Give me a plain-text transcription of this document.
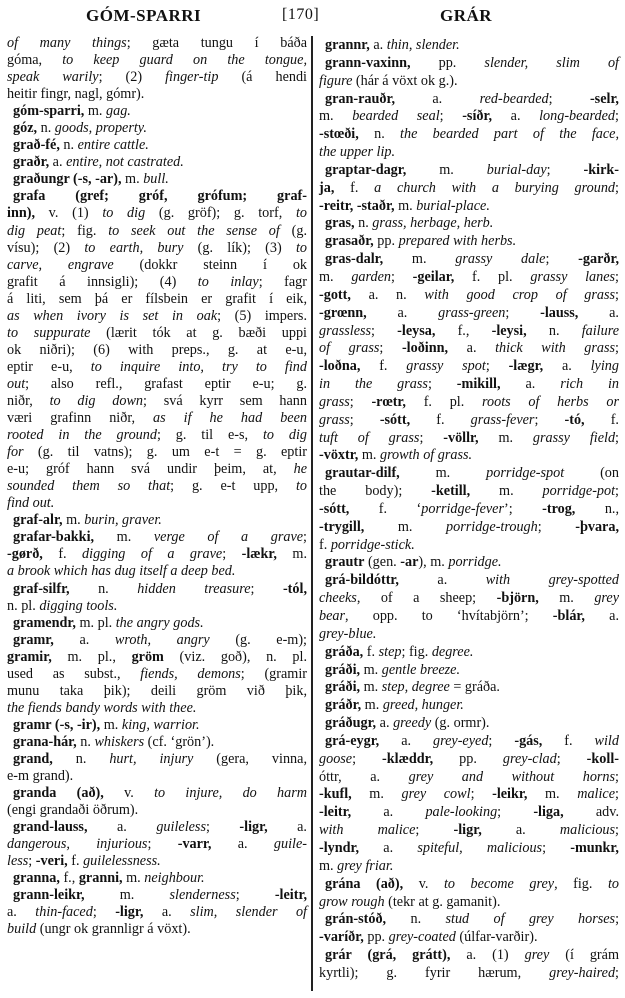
GÓM-SPARRI	[170]	GRÁR
of many things; gæta tungu í báða
góma, to keep guard on the tongue,
speak warily; (2) finger-tip (á hendi
heitir fingr, nagl, gómr).
góm-sparri, m. gag.
góz, n. goods, property.
grað-fé, n. entire cattle.
graðr, a. entire, not castrated.
graðungr (-s, -ar), m. bull.
grafa (gref; gróf, grófum; graf-
inn), v. (1) to dig (g. gröf); g. torf, to
dig peat; fig. to seek out the sense of (g.
vísu); (2) to earth, bury (g. lík); (3) to
carve, engrave (dokkr steinn í ok
grafit á innsigli); (4) to inlay; fagr
á liti, sem þá er fílsbein er grafit í eik,
as when ivory is set in oak; (5) impers.
to suppurate (lærit tók at g. bæði uppi
ok niðri); (6) with preps., g. at e-u,
eptir e-u, to inquire into, try to find
out; also refl., grafast eptir e-u; g.
niðr, to dig down; svá kyrr sem hann
væri grafinn niðr, as if he had been
rooted in the ground; g. til e-s, to dig
for (g. til vatns); g. um e-t = g. eptir
e-u; gróf hann svá undir þeim, at, he
sounded them so that; g. e-t upp, to
find out.
graf-alr, m. burin, graver.
grafar-bakki, m. verge of a grave;
-gørð, f. digging of a grave; -lækr, m.
a brook which has dug itself a deep bed.
graf-silfr, n. hidden treasure; -tól,
n. pl. digging tools.
gramendr, m. pl. the angry gods.
gramr, a. wroth, angry (g. e-m);
gramir, m. pl., gröm (viz. goð), n. pl.
used as subst., fiends, demons; (gramir
munu taka þik); deili gröm við þik,
the fiends bandy words with thee.
gramr (-s, -ir), m. king, warrior.
grana-hár, n. whiskers (cf. ‘grön’).
grand, n. hurt, injury (gera, vinna,
e-m grand).
granda (að), v. to injure, do harm
(engi grandaði öðrum).
grand-lauss, a. guileless; -ligr, a.
dangerous, injurious; -varr, a. guile-
less; -veri, f. guilelessness.
granna, f., granni, m. neighbour.
grann-leikr, m. slenderness; -leitr,
a. thin-faced; -ligr, a. slim, slender of
build (ungr ok grannligr á vöxt).
grannr, a. thin, slender.
grann-vaxinn, pp. slender, slim of
figure (hár á vöxt ok g.).
gran-rauðr, a. red-bearded; -selr,
m. bearded seal; -síðr, a. long-bearded;
-stœði, n. the bearded part of the face,
the upper lip.
graptar-dagr, m. burial-day; -kirk-
ja, f. a church with a burying ground;
-reitr, -staðr, m. burial-place.
gras, n. grass, herbage, herb.
grasaðr, pp. prepared with herbs.
gras-dalr, m. grassy dale; -garðr,
m. garden; -geilar, f. pl. grassy lanes;
-gott, a. n. with good crop of grass;
-grœnn, a. grass-green; -lauss, a.
grassless; -leysa, f., -leysi, n. failure
of grass; -loðinn, a. thick with grass;
-loðna, f. grassy spot; -lægr, a. lying
in the grass; -mikill, a. rich in
grass; -rœtr, f. pl. roots of herbs or
grass; -sótt, f. grass-fever; -tó, f.
tuft of grass; -völlr, m. grassy field;
-vöxtr, m. growth of grass.
grautar-dilf, m. porridge-spot (on
the body); -ketill, m. porridge-pot;
-sótt, f. ‘porridge-fever’; -trog, n.,
-trygill, m. porridge-trough; -þvara,
f. porridge-stick.
grautr (gen. -ar), m. porridge.
grá-bildóttr, a. with grey-spotted
cheeks, of a sheep; -björn, m. grey
bear, opp. to ‘hvítabjörn’; -blár, a.
grey-blue.
gráða, f. step; fig. degree.
gráði, m. gentle breeze.
gráði, m. step, degree = gráða.
gráðr, m. greed, hunger.
gráðugr, a. greedy (g. ormr).
grá-eygr, a. grey-eyed; -gás, f. wild
goose; -klæddr, pp. grey-clad; -koll-
óttr, a. grey and without horns;
-kufl, m. grey cowl; -leikr, m. malice;
-leitr, a. pale-looking; -liga, adv.
with malice; -ligr, a. malicious;
-lyndr, a. spiteful, malicious; -munkr,
m. grey friar.
grána (að), v. to become grey, fig. to
grow rough (tekr at g. gamanit).
grán-stóð, n. stud of grey horses;
-varíðr, pp. grey-coated (úlfar-varðir).
grár (grá, grátt), a. (1) grey (í grám
kyrtli); g. fyrir hærum, grey-haired;
